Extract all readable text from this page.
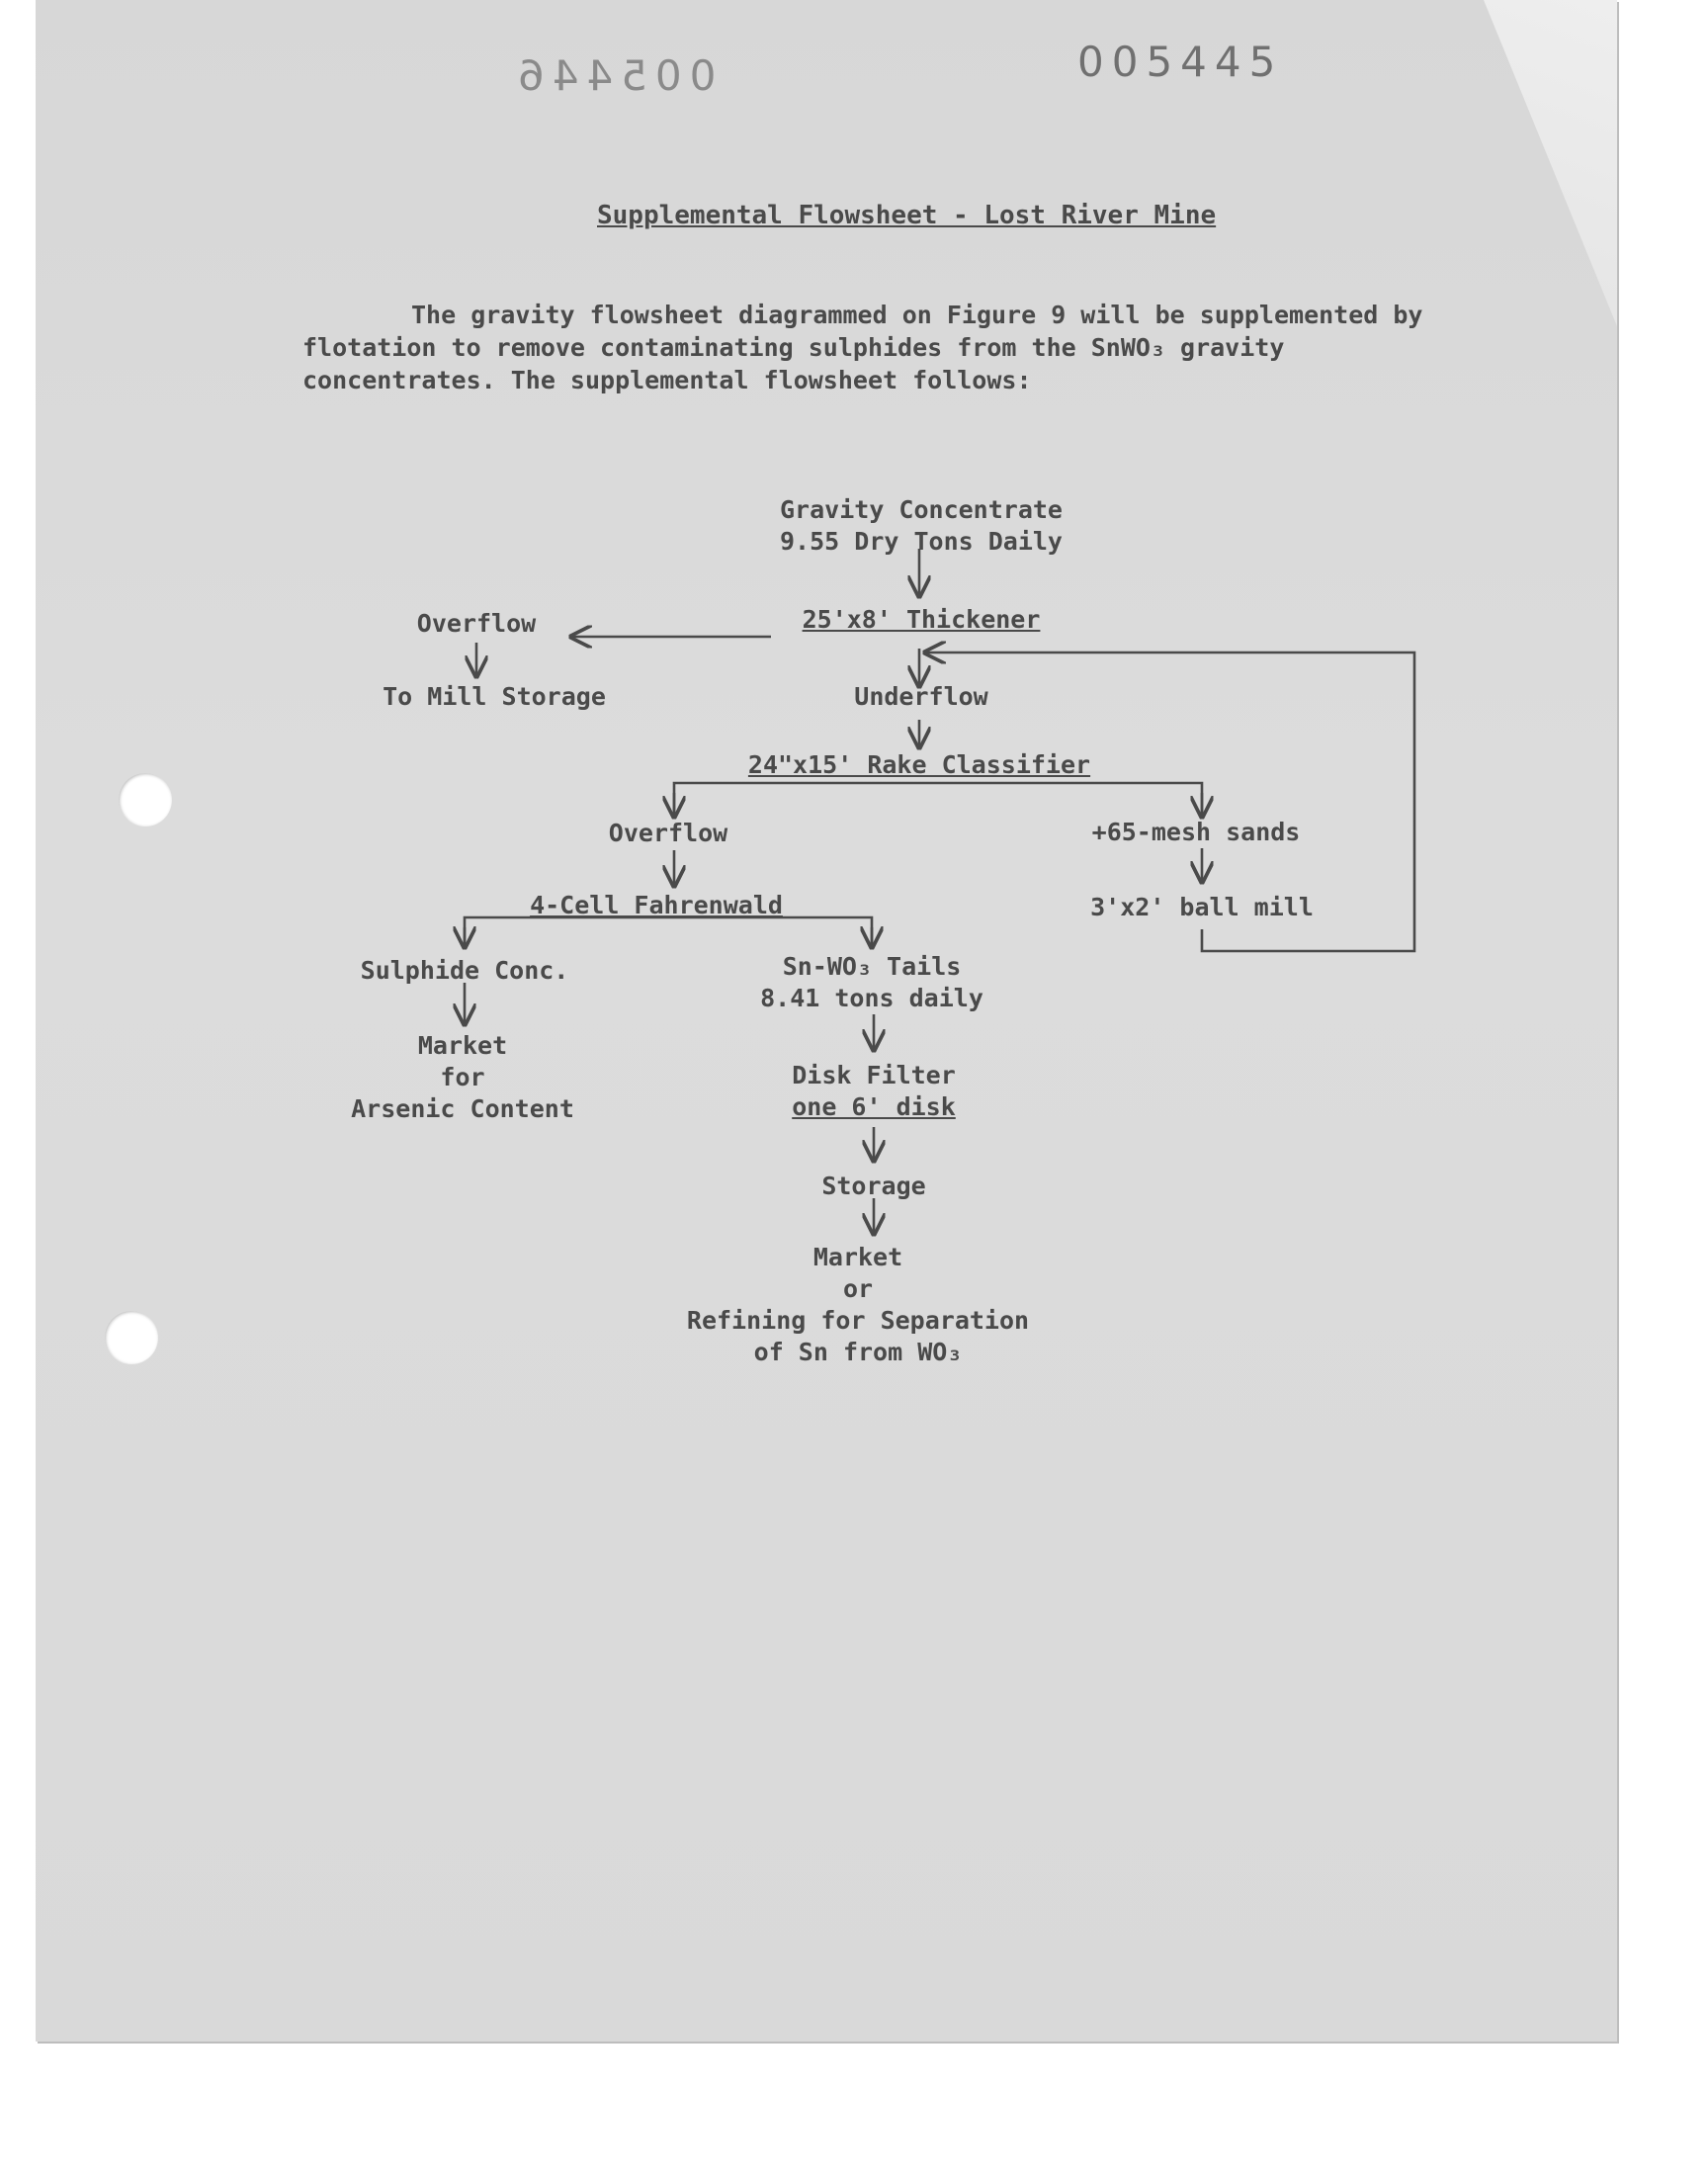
005446	005445
Supplemental Flowsheet - Lost River Mine

The gravity flowsheet diagrammed on Figure 9 will be supplemented by flotation to remove contaminating sulphides from the SnWO₃ gravity concentrates. The supplemental flowsheet follows:

Gravity Concentrate
9.55 Dry Tons Daily
25'x8' Thickener
Overflow
To Mill Storage	Underflow
24"x15' Rake Classifier
Overflow	+65-mesh sands
3'x2' ball mill
4-Cell Fahrenwald
Sulphide Conc.
Market
for
Arsenic Content
Sn-WO₃ Tails
8.41 tons daily
Disk Filter
one 6' disk
Storage
Market
or
Refining for Separation
of Sn from WO₃
